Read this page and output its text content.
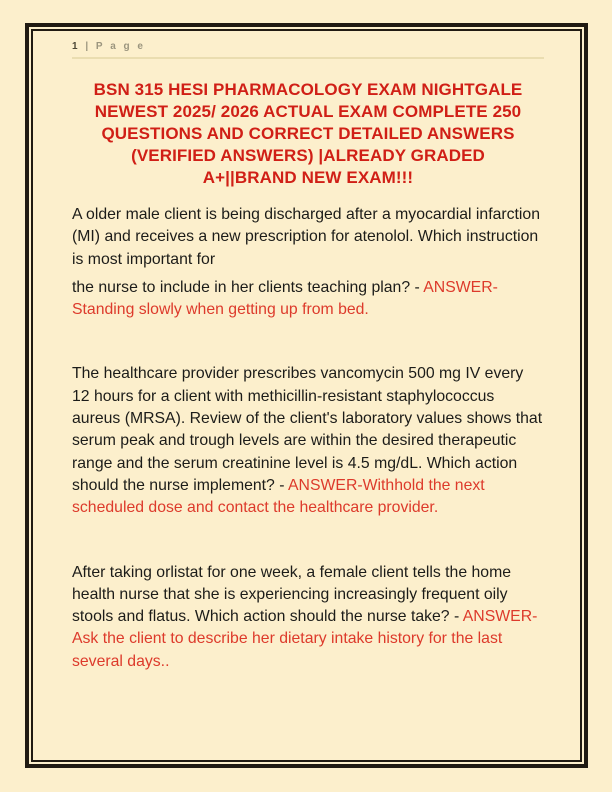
1 | P a g e
BSN 315 HESI PHARMACOLOGY EXAM NIGHTGALE
NEWEST 2025/ 2026 ACTUAL EXAM COMPLETE 250
QUESTIONS AND CORRECT DETAILED ANSWERS
(VERIFIED ANSWERS) |ALREADY GRADED
A+||BRAND NEW EXAM!!!

A older male client is being discharged after a myocardial infarction (MI) and receives a new prescription for atenolol. Which instruction is most important for

the nurse to include in her clients teaching plan? - ANSWER-Standing slowly when getting up from bed.

The healthcare provider prescribes vancomycin 500 mg IV every 12 hours for a client with methicillin-resistant staphylococcus aureus (MRSA). Review of the client's laboratory values shows that serum peak and trough levels are within the desired therapeutic range and the serum creatinine level is 4.5 mg/dL. Which action should the nurse implement? - ANSWER-Withhold the next scheduled dose and contact the healthcare provider.

After taking orlistat for one week, a female client tells the home health nurse that she is experiencing increasingly frequent oily stools and flatus. Which action should the nurse take? - ANSWER-Ask the client to describe her dietary intake history for the last several days..
